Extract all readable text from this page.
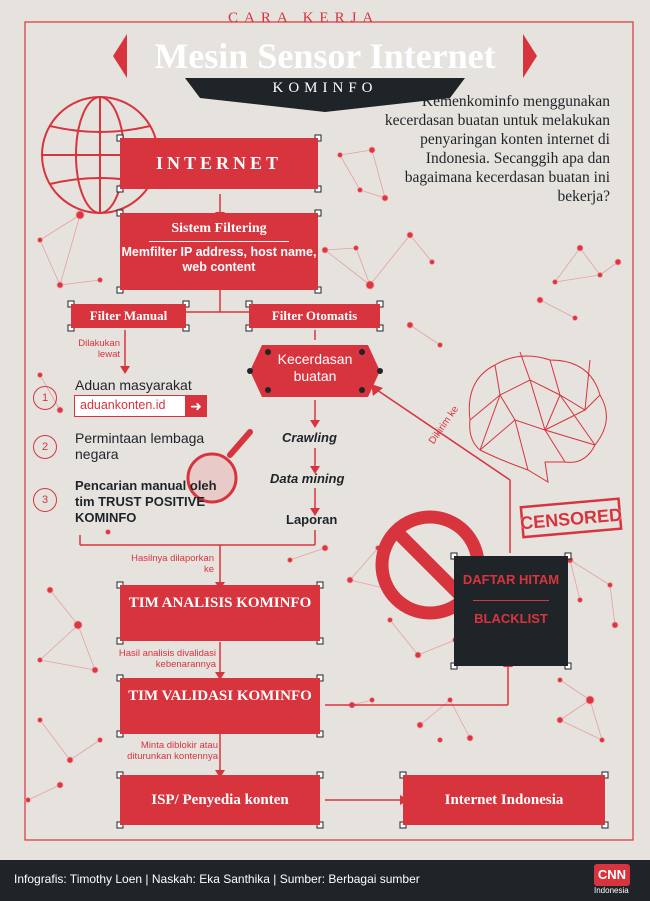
CENSORED
CARA KERJA
Mesin Sensor Internet
KOMINFO
Kemenkominfo menggunakan kecerdasan buatan untuk melakukan penyaringan konten internet di Indonesia. Secanggih apa dan bagaimana kecerdasan buatan ini bekerja?
INTERNET
Sistem Filtering
Memfilter IP address, host name, web content
Filter Manual	Filter Otomatis
Dilakukan lewat
1
Aduan masyarakat
aduankonten.id	➜
2
Permintaan lembaga negara
3
Pencarian manual oleh tim TRUST POSITIVE KOMINFO
Kecerdasan buatan
Crawling
Data mining
Laporan
Dikirim ke
DAFTAR HITAM
BLACKLIST
Hasilnya dilaporkan ke
TIM ANALISIS KOMINFO
Hasil analisis divalidasi kebenarannya
TIM VALIDASI KOMINFO
Minta diblokir atau diturunkan kontennya
ISP/ Penyedia konten	Internet Indonesia
Infografis: Timothy Loen | Naskah: Eka Santhika | Sumber: Berbagai sumber	CNN
Indonesia
